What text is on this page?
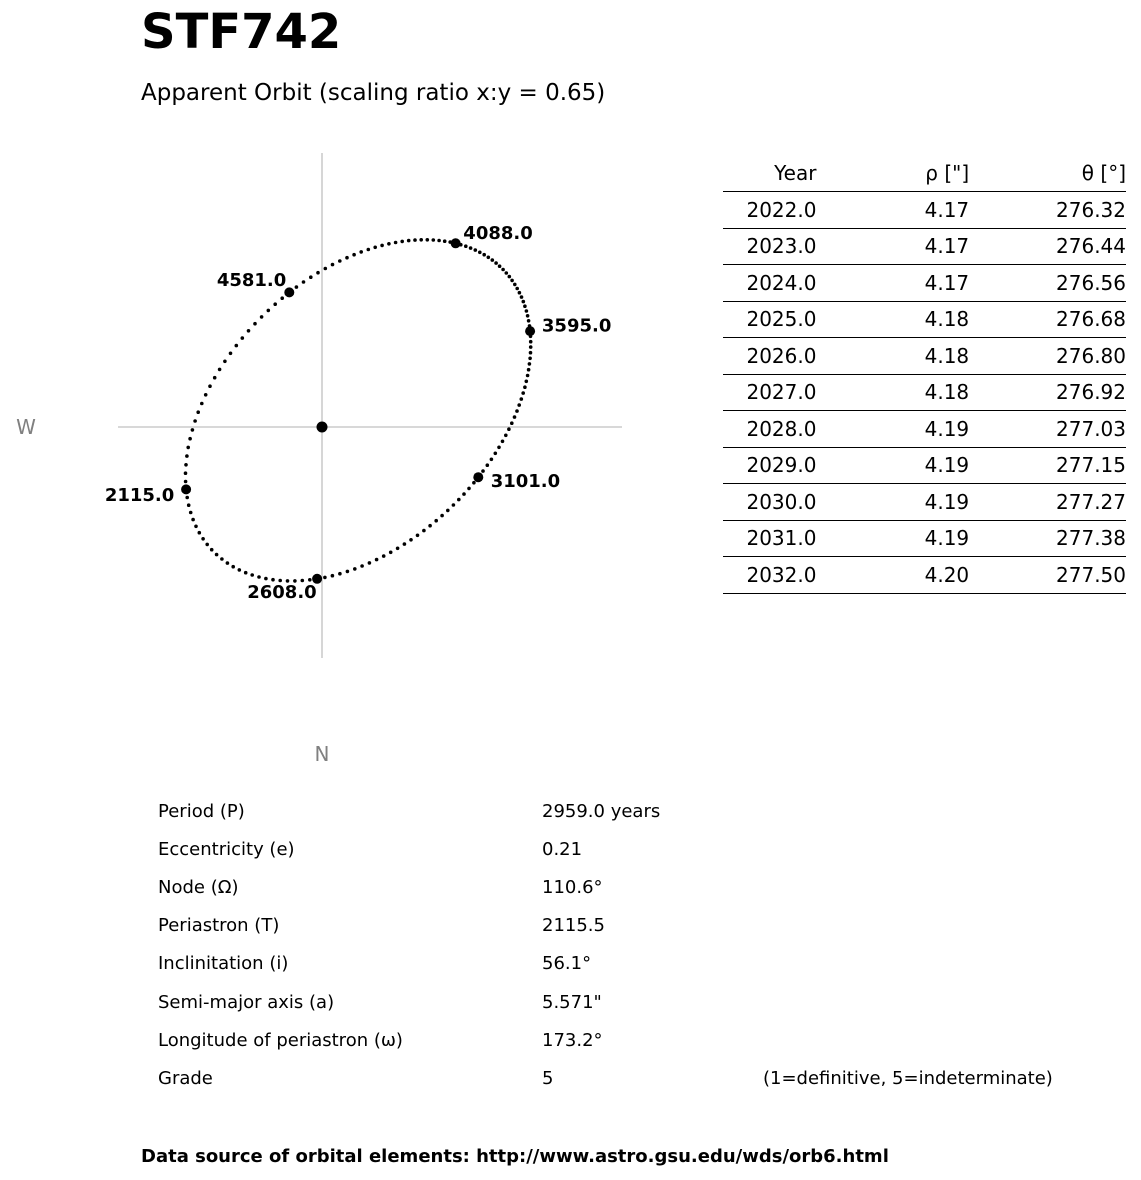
STF742
Apparent Orbit (scaling ratio x:y = 0.65)
2115.0
2608.0
3101.0
3595.0
4088.0
4581.0
W
N
Year	ρ ["]	θ [°]
2022.0	4.17	276.32
2023.0	4.17	276.44
2024.0	4.17	276.56
2025.0	4.18	276.68
2026.0	4.18	276.80
2027.0	4.18	276.92
2028.0	4.19	277.03
2029.0	4.19	277.15
2030.0	4.19	277.27
2031.0	4.19	277.38
2032.0	4.20	277.50
Period (P)	2959.0 years
Eccentricity (e)	0.21
Node (Ω)	110.6°
Periastron (T)	2115.5
Inclinitation (i)	56.1°
Semi-major axis (a)	5.571"
Longitude of periastron (ω)	173.2°
Grade	5	(1=definitive, 5=indeterminate)
Data source of orbital elements: http://www.astro.gsu.edu/wds/orb6.html
